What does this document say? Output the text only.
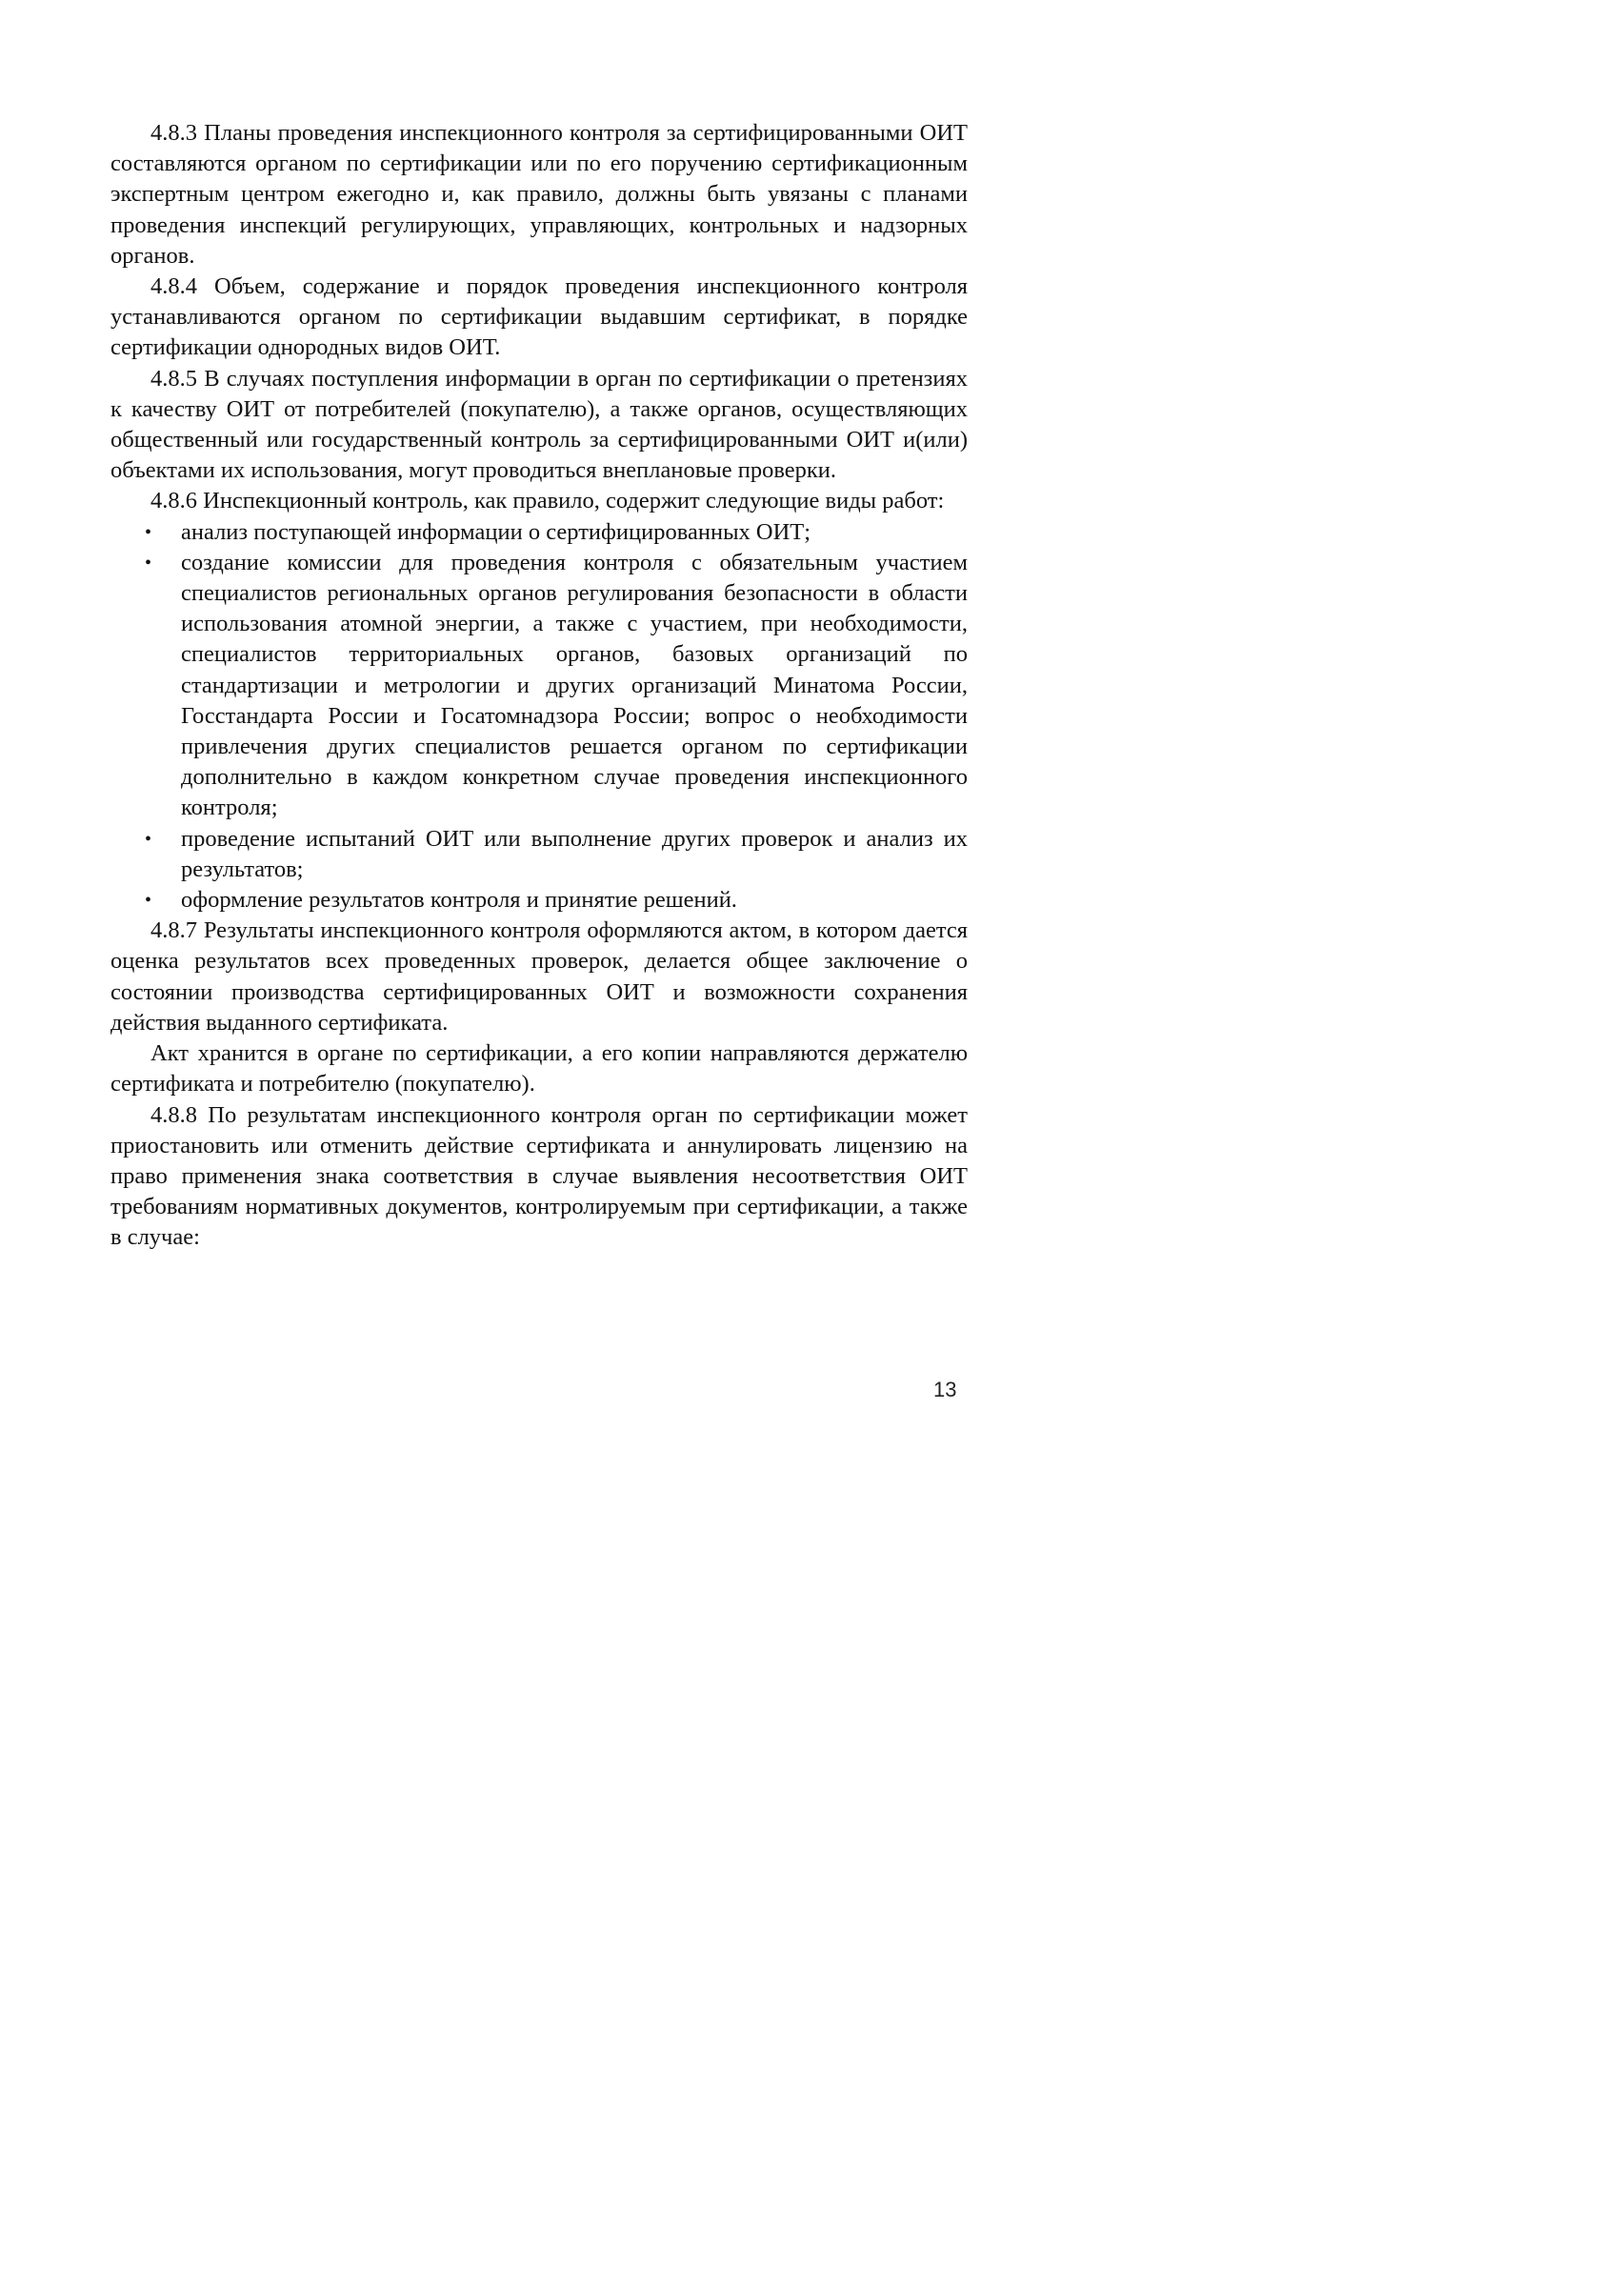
4.8.3 Планы проведения инспекционного контроля за сертифицированными ОИТ составляются органом по сертификации или по его поручению сертификационным экспертным центром ежегодно и, как правило, должны быть увязаны с планами проведения инспекций регулирующих, управляющих, контрольных и надзорных органов.

4.8.4 Объем, содержание и порядок проведения инспекционного контроля устанавливаются органом по сертификации выдавшим сертификат, в порядке сертификации однородных видов ОИТ.

4.8.5 В случаях поступления информации в орган по сертификации о претензиях к качеству ОИТ от потребителей (покупателю), а также органов, осуществляющих общественный или государственный контроль за сертифицированными ОИТ и(или) объектами их использования, могут проводиться внеплановые проверки.

4.8.6 Инспекционный контроль, как правило, содержит следующие виды работ:

• анализ поступающей информации о сертифицированных ОИТ;
• создание комиссии для проведения контроля с обязательным участием специалистов региональных органов регулирования безопасности в области использования атомной энергии, а также с участием, при необходимости, специалистов территориальных органов, базовых организаций по стандартизации и метрологии и других организаций Минатома России, Госстандарта России и Госатомнадзора России; вопрос о необходимости привлечения других специалистов решается органом по сертификации дополнительно в каждом конкретном случае проведения инспекционного контроля;
• проведение испытаний ОИТ или выполнение других проверок и анализ их результатов;
• оформление результатов контроля и принятие решений.

4.8.7 Результаты инспекционного контроля оформляются актом, в котором дается оценка результатов всех проведенных проверок, делается общее заключение о состоянии производства сертифицированных ОИТ и возможности сохранения действия выданного сертификата.

Акт хранится в органе по сертификации, а его копии направляются держателю сертификата и потребителю (покупателю).

4.8.8 По результатам инспекционного контроля орган по сертификации может приостановить или отменить действие сертификата и аннулировать лицензию на право применения знака соответствия в случае выявления несоответствия ОИТ требованиям нормативных документов, контролируемым при сертификации, а также в случае:

13
